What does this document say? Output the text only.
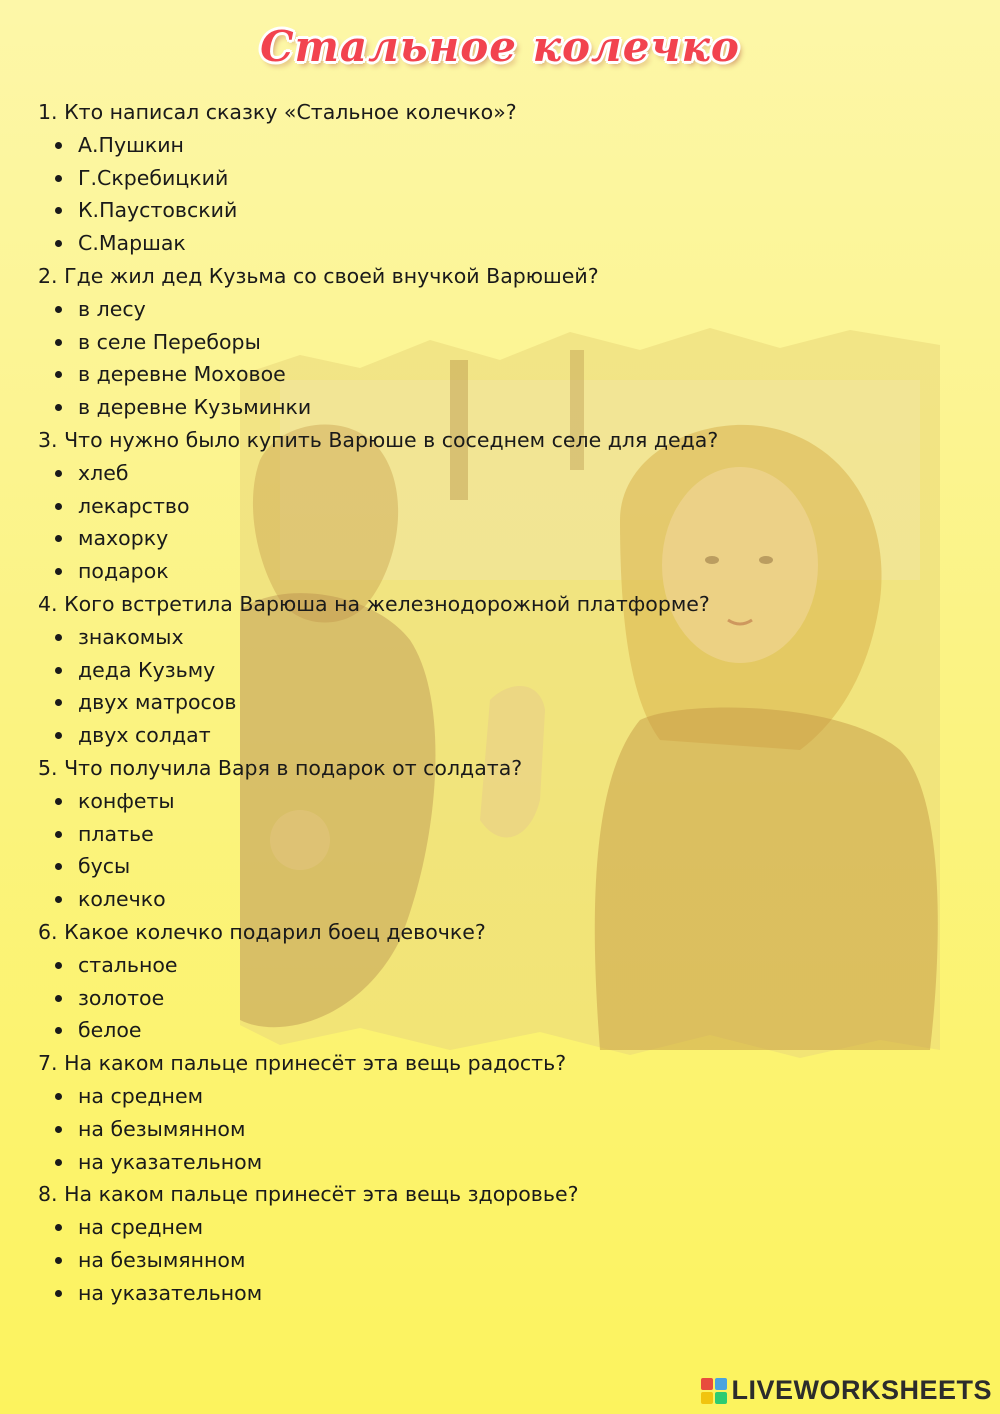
Стальное колечко
1. Кто написал сказку «Стальное колечко»?
А.Пушкин
Г.Скребицкий
К.Паустовский
С.Маршак
2. Где жил дед Кузьма со своей внучкой Варюшей?
в лесу
в селе Переборы
в деревне Моховое
в деревне Кузьминки
3. Что нужно было купить Варюше в соседнем селе для деда?
хлеб
лекарство
махорку
подарок
4. Кого встретила Варюша на железнодорожной платформе?
знакомых
деда Кузьму
двух матросов
двух солдат
5. Что получила Варя в подарок от солдата?
конфеты
платье
бусы
колечко
6. Какое колечко подарил боец девочке?
стальное
золотое
белое
7. На каком пальце принесёт эта вещь радость?
на среднем
на безымянном
на указательном
8. На каком пальце принесёт эта вещь здоровье?
на среднем
на безымянном
на указательном
LIVEWORKSHEETS
